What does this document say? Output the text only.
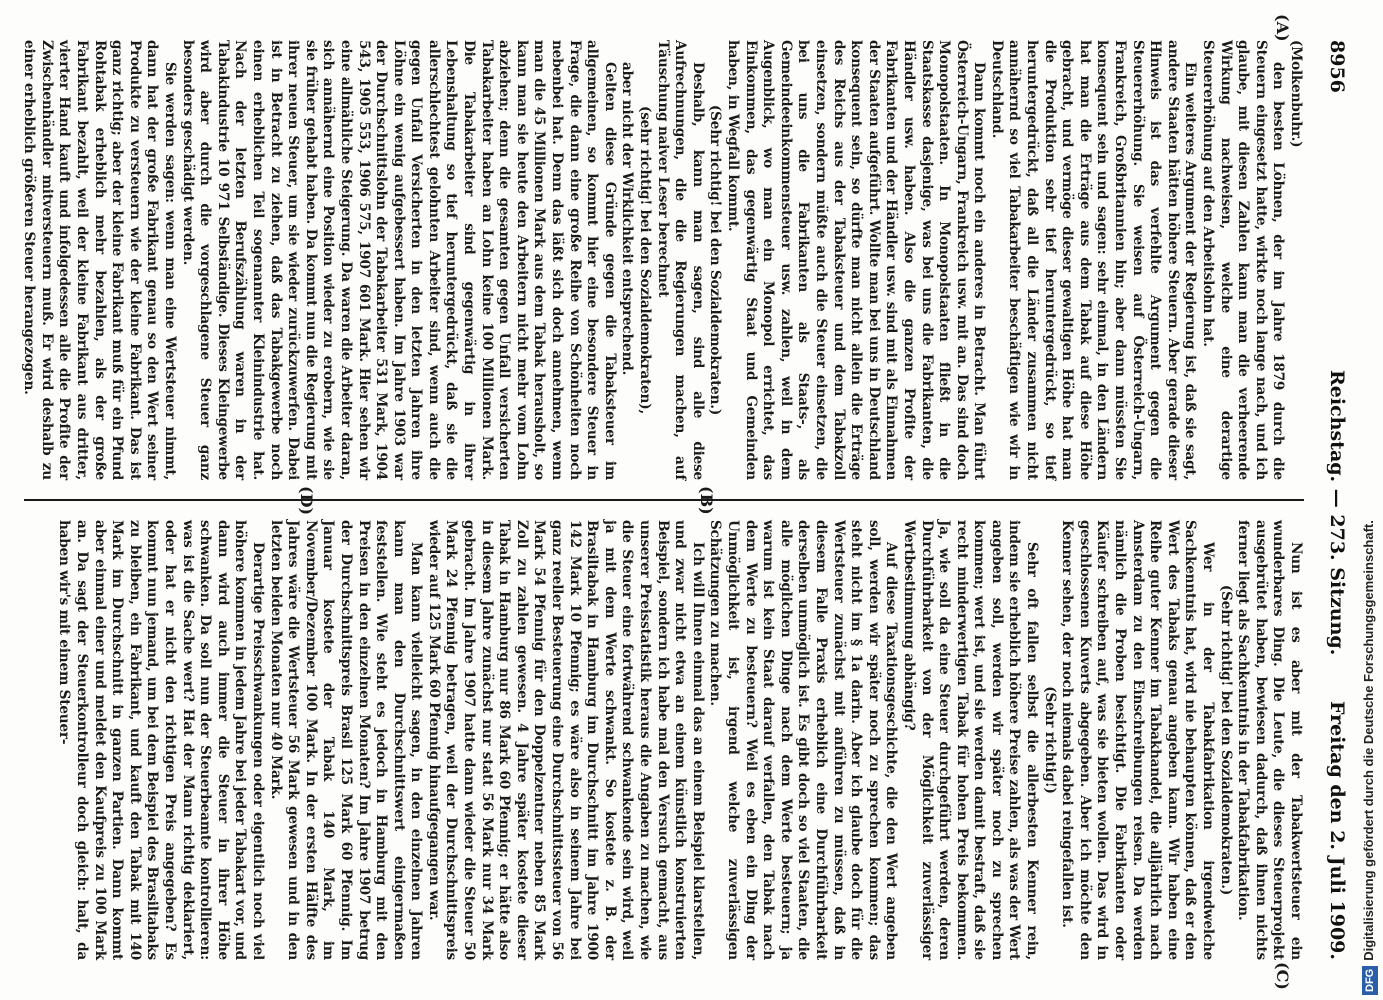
8956
Reichstag. — 273. Sitzung.
Freitag den 2. Juli 1909.

(Molkenbuhr.)

den besten Löhnen, der im Jahre 1879 durch die Steuern eingesetzt hatte, wirkte noch lange nach, und ich glaube, mit diesen Zahlen kann man die verheerende Wirkung nachweisen, welche eine derartige Steuererhöhung auf den Arbeitslohn hat.

Ein weiteres Argument der Regierung ist, daß sie sagt, andere Staaten hätten höhere Steuern. Aber gerade dieser Hinweis ist das verfehlte Argument gegen die Steuererhöhung. Sie weisen auf Österreich-Ungarn, Frankreich, Großbritannien hin; aber dann müssten Sie konsequent sein und sagen: sehr einmal, in den Ländern hat man die Erträge aus dem Tabak auf diese Höhe gebracht, und vermöge dieser gewaltigen Höhe hat man die Produktion sehr tief heruntergedrückt, so tief heruntergedrückt, daß all die Länder zusammen nicht annähernd so viel Tabakarbeiter beschäftigen wie wir in Deutschland.

Dann kommt noch ein anderes in Betracht. Man führt Österreich-Ungarn, Frankreich usw. mit an. Das sind doch Monopolstaaten. In Monopolstaaten fließt in die Staatskasse dasjenige, was bei uns die Fabrikanten, die Händler usw. haben. Also die ganzen Profite der Fabrikanten und der Händler usw. sind mit als Einnahmen der Staaten aufgeführt. Wollte man bei uns in Deutschland konsequent sein, so dürfte man nicht allein die Erträge des Reichs aus der Tabaksteuer und dem Tabakzoll einsetzen, sondern müßte auch die Steuer einsetzen, die bei uns die Fabrikanten als Staats-, als Gemeindeeinkommensteuer usw. zahlen, weil in dem Augenblick, wo man ein Monopol errichtet, das Einkommen, das gegenwärtig Staat und Gemeinden haben, in Wegfall kommt.

(Sehr richtig! bei den Sozialdemokraten.)

Deshalb, kann man sagen, sind alle diese Aufrechnungen, die die Regierungen machen, auf Täuschung naiver Leser berechnet

(sehr richtig! bei den Sozialdemokraten),

aber nicht der Wirklichkeit entsprechend.

Gelten diese Gründe gegen die Tabaksteuer im allgemeinen, so kommt hier eine besondere Steuer in Frage, die dann eine große Reihe von Schönheiten noch nebenbei hat. Denn das läßt sich doch annehmen, wenn man die 45 Millionen Mark aus dem Tabak herausholt, so kann man sie heute den Arbeitern nicht mehr vom Lohn abziehen; denn die gesamten gegen Unfall versicherten Tabakarbeiter haben an Lohn keine 100 Millionen Mark. Die Tabakarbeiter sind gegenwärtig in ihrer Lebenshaltung so tief heruntergedrückt, daß sie die allerschlechtest gelohnten Arbeiter sind, wenn auch die gegen Unfall Versicherten in den letzten Jahren ihre Löhne ein wenig aufgebessert haben. Im Jahre 1903 war der Durchschnittslohn der Tabakarbeiter 531 Mark, 1904 543, 1905 553, 1906 575, 1907 601 Mark. Hier sehen wir eine allmähliche Steigerung. Da waren die Arbeiter daran, sich annähernd eine Position wieder zu erobern, wie sie sie früher gehabt haben. Da kommt nun die Regierung mit ihrer neuen Steuer, um sie wieder zurückzuwerfen. Dabei ist in Betracht zu ziehen, daß das Tabakgewerbe noch einen erheblichen Teil sogenannter Kleinindustrie hat. Nach der letzten Berufszählung waren in der Tabakindustrie 10 971 Selbständige. Dieses Kleingewerbe wird aber durch die vorgeschlagene Steuer ganz besonders geschädigt werden.

Sie werden sagen: wenn man eine Wertsteuer nimmt, dann hat der große Fabrikant genau so den Wert seiner Produkte zu versteuern wie der kleine Fabrikant. Das ist ganz richtig; aber der kleine Fabrikant muß für ein Pfund Rohtabak erheblich mehr bezahlen, als der große Fabrikant bezahlt, weil der kleine Fabrikant aus dritter, vierter Hand kauft und infolgedessen alle die Profite der Zwischenhändler mitversteuern muß. Er wird deshalb zu einer erheblich größeren Steuer herangezogen.

Nun ist es aber mit der Tabakwertsteuer ein wunderbares Ding. Die Leute, die dieses Steuerprojekt ausgebrütet haben, bewiesen dadurch, daß ihnen nichts ferner liegt als Sachkenntnis in der Tabakfabrikation.

(Sehr richtig! bei den Sozialdemokraten.)

Wer in der Tabakfabrikation irgendwelche Sachkenntnis hat, wird nie behaupten können, daß er den Wert des Tabaks genau angeben kann. Wir haben eine Reihe guter Kenner im Tabakhandel, die alljährlich nach Amsterdam zu den Einschreibungen reisen. Da werden nämlich die Proben besichtigt. Die Fabrikanten oder Käufer schreiben auf, was sie bieten wollen. Das wird in geschlossenen Kuverts abgegeben. Aber ich möchte den Kenner sehen, der noch niemals dabei reingefallen ist.

(Sehr richtig!)

Sehr oft fallen selbst die allerbesten Kenner rein, indem sie erheblich höhere Preise zahlen, als was der Wert angeben soll, werden wir später noch zu sprechen kommen; wert ist, und sie werden damit bestraft, daß sie recht minderwertigen Tabak für hohen Preis bekommen. Ja, wie soll da eine Steuer durchgeführt werden, deren Durchführbarkeit von der Möglichkeit zuverlässiger Wertbestimmung abhängig?

Auf diese Taxationsgeschichte, die den Wert angeben soll, werden wir später noch zu sprechen kommen; das steht nicht im § 1a darin. Aber ich glaube doch für die Wertsteuer zunächst mit anführen zu müssen, daß in diesem Falle Praxis erheblich eine Durchführbarkeit derselben unmöglich ist. Es gibt doch so viel Staaten, die alle möglichen Dinge nach dem Werte besteuern; ja warum ist kein Staat darauf verfallen, den Tabak nach dem Werte zu besteuern? Weil es eben ein Ding der Unmöglichkeit ist, irgend welche zuverlässigen Schätzungen zu machen.

Ich will Ihnen einmal das an einem Beispiel klarstellen, und zwar nicht etwa an einem künstlich konstruierten Beispiel, sondern ich habe mal den Versuch gemacht, aus unserer Preisstatistik heraus die Angaben zu machen, wie die Steuer eine fortwährend schwankende sein wird, weil ja mit dem Werte schwankt. So kostete z. B. der Brasiltabak in Hamburg im Durchschnitt im Jahre 1900 142 Mark 10 Pfennig; es wäre also in seinem Jahre bei ganz reeller Besteuerung eine Durchschnittssteuer von 56 Mark 54 Pfennig für den Doppelzentner neben 85 Mark Zoll zu zahlen gewesen. 4 Jahre später kostete dieser Tabak in Hamburg nur 86 Mark 60 Pfennig; er hätte also in diesem Jahre zunächst nur statt 56 Mark nur 34 Mark gebracht. Im Jahre 1907 hatte dann wieder die Steuer 50 Mark 24 Pfennig betragen, weil der Durchschnittspreis wieder auf 125 Mark 60 Pfennig hinaufgegangen war.

Man kann vielleicht sagen, in den einzelnen Jahren kann man den Durchschnittswert einigermaßen feststellen. Wie steht es jedoch in Hamburg mit den Preisen in den einzelnen Monaten? Im Jahre 1907 betrug der Durchschnittspreis Brasil 125 Mark 60 Pfennig. Im Januar kostete der Tabak 140 Mark, im November/Dezember 100 Mark. In der ersten Hälfte des Jahres wäre die Wertsteuer 56 Mark gewesen und in den letzten beiden Monaten nur 40 Mark.

Derartige Preisschwankungen oder eigentlich noch viel höhere kommen in jedem Jahre bei jeder Tabakart vor, und dann wird auch immer die Steuer in ihrer Höhe schwanken. Da soll nun der Steuerbeamte kontrollieren: was ist die Sache wert? Hat der Mann richtig deklariert, oder hat er nicht den richtigen Preis angegeben? Es kommt nun jemand, um bei dem Beispiel des Brasiltabaks zu bleiben, ein Fabrikant, und kauft den Tabak mit 140 Mark im Durchschnitt in ganzen Partien. Dann kommt aber einmal einer und meldet den Kaufpreis zu 100 Mark an. Da sagt der Steuerkontrolleur doch gleich: halt, da haben wir's mit einem Steuer-

(A)
(B)
(C)
(D)
DFGDigitalisierung gefördert durch die Deutsche Forschungsgemeinschaft.
